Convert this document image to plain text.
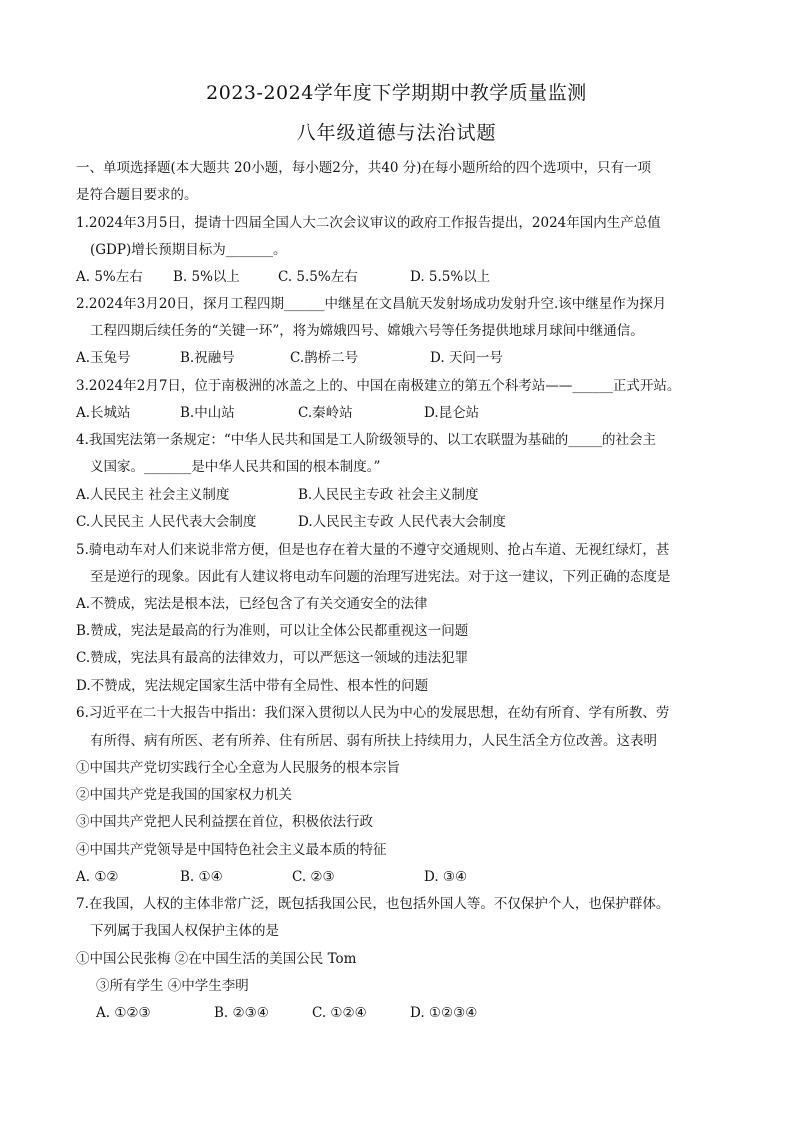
2023-2024学年度下学期期中教学质量监测
八年级道德与法治试题
一、单项选择题(本大题共 20小题，每小题2分，共40 分)在每小题所给的四个选项中，只有一项
是符合题目要求的。
1.2024年3月5日，提请十四届全国人大二次会议审议的政府工作报告提出，2024年国内生产总值
(GDP)增长预期目标为_______。
A. 5%左右 B. 5%以上	C. 5.5%左右	D. 5.5%以上
2.2024年3月20日，探月工程四期______中继星在文昌航天发射场成功发射升空.该中继星作为探月
工程四期后续任务的“关键一环”，将为嫦娥四号、嫦娥六号等任务提供地球月球间中继通信。
A.玉兔号	B.祝融号	C.鹊桥二号	D. 天问一号
3.2024年2月7日，位于南极洲的冰盖之上的、中国在南极建立的第五个科考站——______正式开站。
A.长城站	B.中山站	C.秦岭站	D.昆仑站
4.我国宪法第一条规定：“中华人民共和国是工人阶级领导的、以工农联盟为基础的_____的社会主
义国家。_______是中华人民共和国的根本制度。”
A.人民民主 社会主义制度	B.人民民主专政 社会主义制度
C.人民民主 人民代表大会制度	D.人民民主专政 人民代表大会制度
5.骑电动车对人们来说非常方便，但是也存在着大量的不遵守交通规则、抢占车道、无视红绿灯，甚
至是逆行的现象。因此有人建议将电动车问题的治理写进宪法。对于这一建议，下列正确的态度是
A.不赞成，宪法是根本法，已经包含了有关交通安全的法律
B.赞成，宪法是最高的行为准则，可以让全体公民都重视这一问题
C.赞成，宪法具有最高的法律效力，可以严惩这一领域的违法犯罪
D.不赞成，宪法规定国家生活中带有全局性、根本性的问题
6.习近平在二十大报告中指出：我们深入贯彻以人民为中心的发展思想，在幼有所育、学有所教、劳
有所得、病有所医、老有所养、住有所居、弱有所扶上持续用力，人民生活全方位改善。这表明
①中国共产党切实践行全心全意为人民服务的根本宗旨
②中国共产党是我国的国家权力机关
③中国共产党把人民利益摆在首位，积极依法行政
④中国共产党领导是中国特色社会主义最本质的特征
A. ①②	B. ①④	C. ②③	D. ③④
7.在我国，人权的主体非常广泛，既包括我国公民，也包括外国人等。不仅保护个人，也保护群体。
下列属于我国人权保护主体的是
①中国公民张梅 ②在中国生活的美国公民 Tom
③所有学生 ④中学生李明
A. ①②③	B. ②③④	C. ①②④	D. ①②③④
